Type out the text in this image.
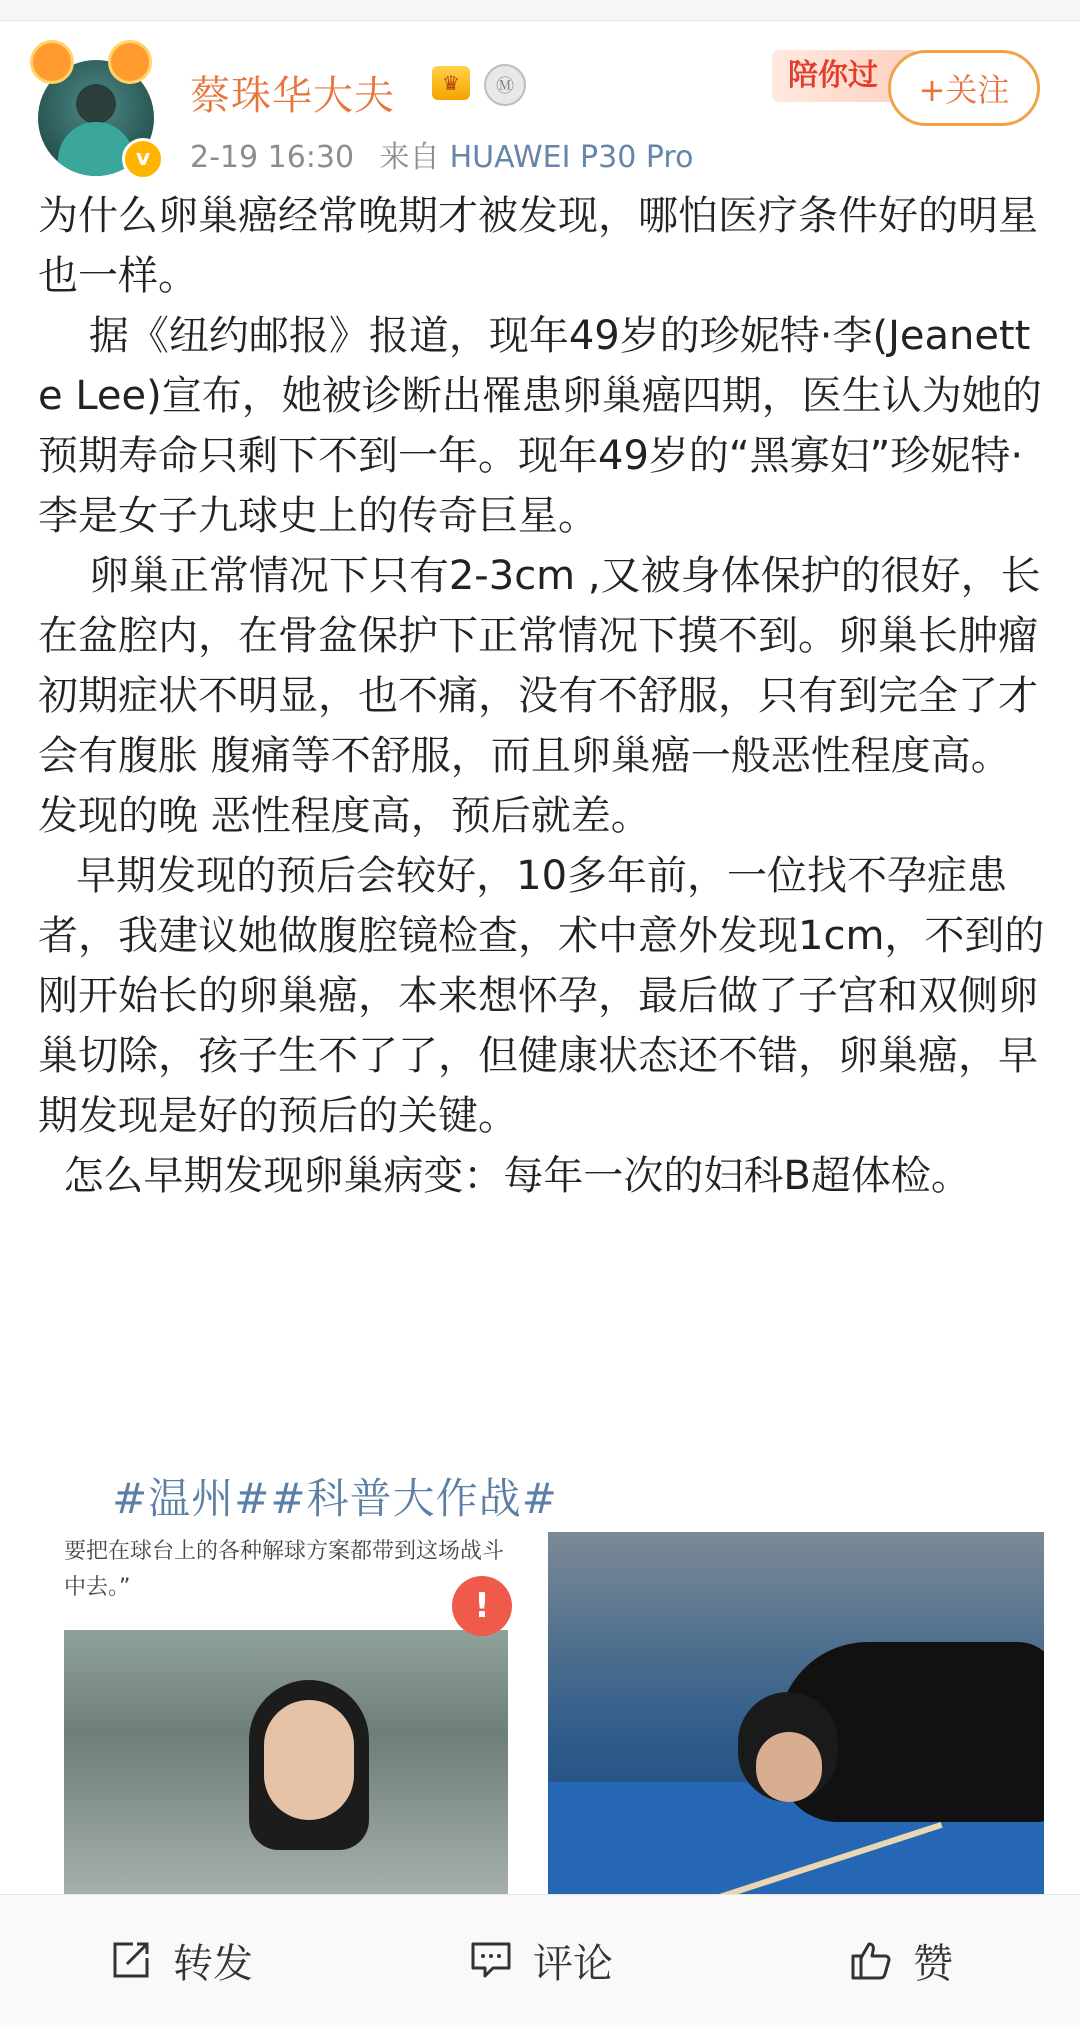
v
蔡珠华大夫	♛	Ⓜ
2-19 16:30 来自 HUAWEI P30 Pro
陪你过	+关注
为什么卵巢癌经常晚期才被发现，哪怕医疗条件好的明星也一样。
据《纽约邮报》报道，现年49岁的珍妮特·李(Jeanette Lee)宣布，她被诊断出罹患卵巢癌四期，医生认为她的预期寿命只剩下不到一年。现年49岁的“黑寡妇”珍妮特·李是女子九球史上的传奇巨星。
卵巢正常情况下只有2-3cm ,又被身体保护的很好，长在盆腔内，在骨盆保护下正常情况下摸不到。卵巢长肿瘤初期症状不明显，也不痛，没有不舒服，只有到完全了才会有腹胀 腹痛等不舒服，而且卵巢癌一般恶性程度高。发现的晚 恶性程度高，预后就差。
早期发现的预后会较好，10多年前，一位找不孕症患者，我建议她做腹腔镜检查，术中意外发现1cm，不到的刚开始长的卵巢癌，本来想怀孕，最后做了子宫和双侧卵巢切除，孩子生不了了，但健康状态还不错，卵巢癌，早期发现是好的预后的关键。
怎么早期发现卵巢病变：每年一次的妇科B超体检。
#温州##科普大作战#
要把在球台上的各种解球方案都带到这场战斗中去。”	!
转发	评论	赞
